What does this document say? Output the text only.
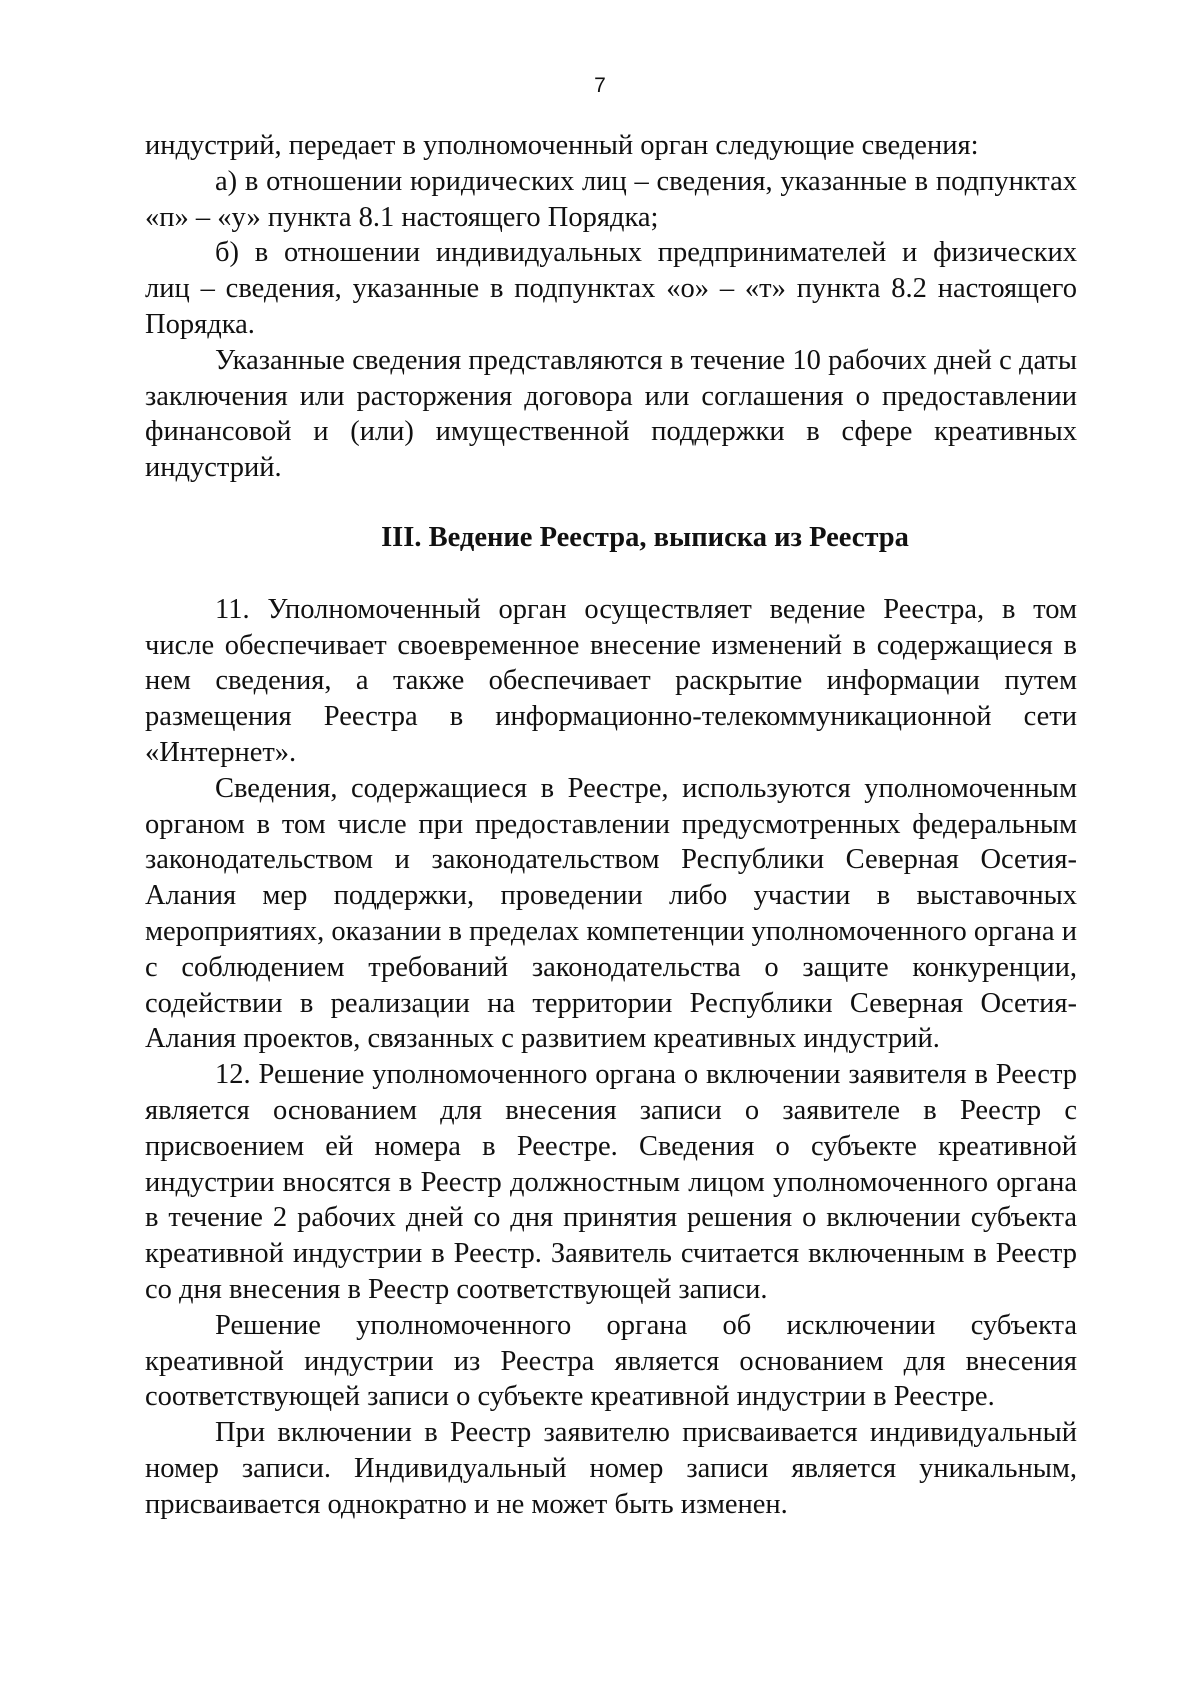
7

индустрий, передает в уполномоченный орган следующие сведения:

а) в отношении юридических лиц – сведения, указанные в подпунктах «п» – «у» пункта 8.1 настоящего Порядка;

б) в отношении индивидуальных предпринимателей и физических лиц – сведения, указанные в подпунктах «о» – «т» пункта 8.2 настоящего Порядка.

Указанные сведения представляются в течение 10 рабочих дней с даты заключения или расторжения договора или соглашения о предоставлении финансовой и (или) имущественной поддержки в сфере креативных индустрий.

III. Ведение Реестра, выписка из Реестра

11. Уполномоченный орган осуществляет ведение Реестра, в том числе обеспечивает своевременное внесение изменений в содержащиеся в нем сведения, а также обеспечивает раскрытие информации путем размещения Реестра в информационно-телекоммуникационной сети «Интернет».

Сведения, содержащиеся в Реестре, используются уполномоченным органом в том числе при предоставлении предусмотренных федеральным законодательством и законодательством Республики Северная Осетия-Алания мер поддержки, проведении либо участии в выставочных мероприятиях, оказании в пределах компетенции уполномоченного органа и с соблюдением требований законодательства о защите конкуренции, содействии в реализации на территории Республики Северная Осетия-Алания проектов, связанных с развитием креативных индустрий.

12. Решение уполномоченного органа о включении заявителя в Реестр является основанием для внесения записи о заявителе в Реестр с присвоением ей номера в Реестре. Сведения о субъекте креативной индустрии вносятся в Реестр должностным лицом уполномоченного органа в течение 2 рабочих дней со дня принятия решения о включении субъекта креативной индустрии в Реестр. Заявитель считается включенным в Реестр со дня внесения в Реестр соответствующей записи.

Решение уполномоченного органа об исключении субъекта креативной индустрии из Реестра является основанием для внесения соответствующей записи о субъекте креативной индустрии в Реестре.

При включении в Реестр заявителю присваивается индивидуальный номер записи. Индивидуальный номер записи является уникальным, присваивается однократно и не может быть изменен.
